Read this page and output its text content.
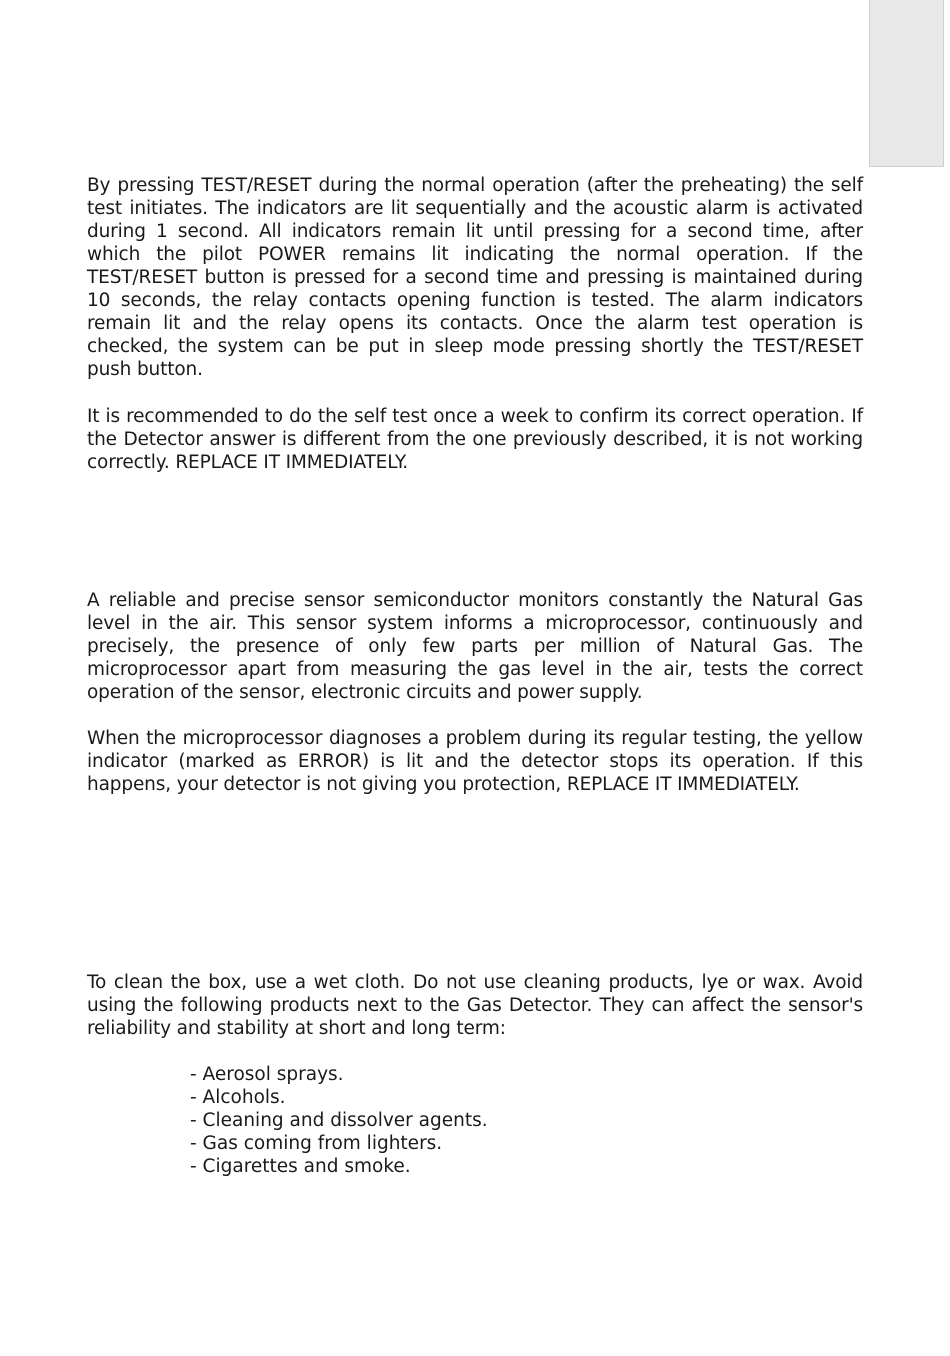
By pressing TEST/RESET during the normal operation (after the preheating) the self test initiates. The indicators are lit sequentially and the acoustic alarm is activated during 1 second. All indicators remain lit until pressing for a second time, after which the pilot POWER remains lit indicating the normal operation. If the TEST/RESET button is pressed for a second time and pressing is maintained during 10 seconds, the relay contacts opening function is tested. The alarm indicators remain lit and the relay opens its contacts. Once the alarm test operation is checked, the system can be put in sleep mode pressing shortly the TEST/RESET push button.

It is recommended to do the self test once a week to confirm its correct operation. If the Detector answer is different from the one previously described, it is not working correctly. REPLACE IT IMMEDIATELY.

A reliable and precise sensor semiconductor monitors constantly the Natural Gas level in the air. This sensor system informs a microprocessor, continuously and precisely, the presence of only few parts per million of Natural Gas. The microprocessor apart from measuring the gas level in the air, tests the correct operation of the sensor, electronic circuits and power supply.

When the microprocessor diagnoses a problem during its regular testing, the yellow indicator (marked as ERROR) is lit and the detector stops its operation. If this happens, your detector is not giving you protection, REPLACE IT IMMEDIATELY.

To clean the box, use a wet cloth. Do not use cleaning products, lye or wax. Avoid using the following products next to the Gas Detector. They can affect the sensor's reliability and stability at short and long term:

- Aerosol sprays.
- Alcohols.
- Cleaning and dissolver agents.
- Gas coming from lighters.
- Cigarettes and smoke.
